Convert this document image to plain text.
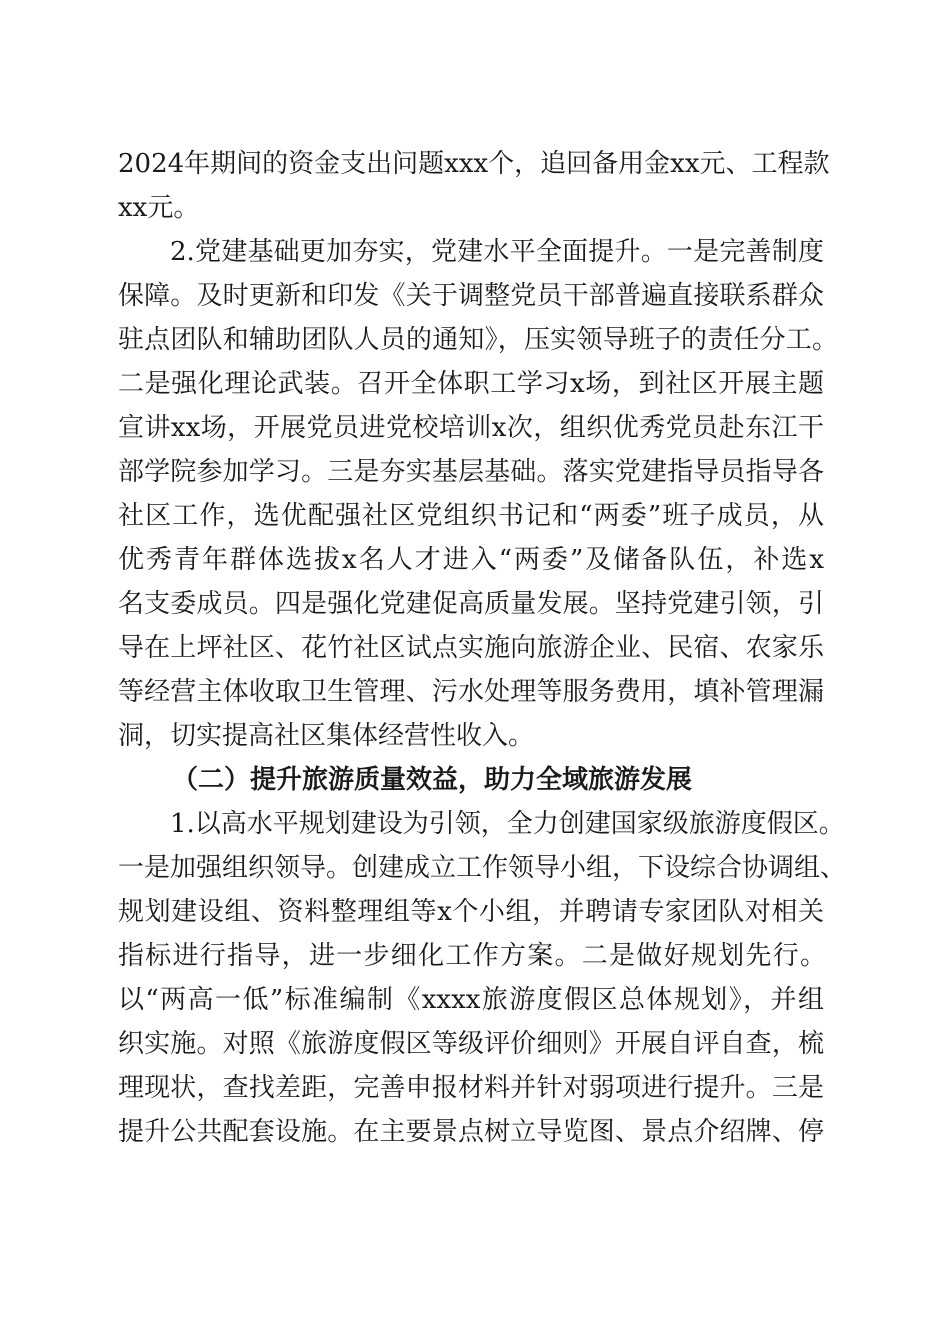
2024年期间的资金支出问题xxx个，追回备用金xx元、工程款
xx元。
2.党建基础更加夯实，党建水平全面提升。一是完善制度
保障。及时更新和印发《关于调整党员干部普遍直接联系群众
驻点团队和辅助团队人员的通知》，压实领导班子的责任分工。
二是强化理论武装。召开全体职工学习x场，到社区开展主题
宣讲xx场，开展党员进党校培训x次，组织优秀党员赴东江干
部学院参加学习。三是夯实基层基础。落实党建指导员指导各
社区工作，选优配强社区党组织书记和“两委”班子成员，从
优秀青年群体选拔x名人才进入“两委”及储备队伍，补选x
名支委成员。四是强化党建促高质量发展。坚持党建引领，引
导在上坪社区、花竹社区试点实施向旅游企业、民宿、农家乐
等经营主体收取卫生管理、污水处理等服务费用，填补管理漏
洞，切实提高社区集体经营性收入。
（二）提升旅游质量效益，助力全域旅游发展
1.以高水平规划建设为引领，全力创建国家级旅游度假区。
一是加强组织领导。创建成立工作领导小组，下设综合协调组、
规划建设组、资料整理组等x个小组，并聘请专家团队对相关
指标进行指导，进一步细化工作方案。二是做好规划先行。
以“两高一低”标准编制《xxxx旅游度假区总体规划》，并组
织实施。对照《旅游度假区等级评价细则》开展自评自查，梳
理现状，查找差距，完善申报材料并针对弱项进行提升。三是
提升公共配套设施。在主要景点树立导览图、景点介绍牌、停
